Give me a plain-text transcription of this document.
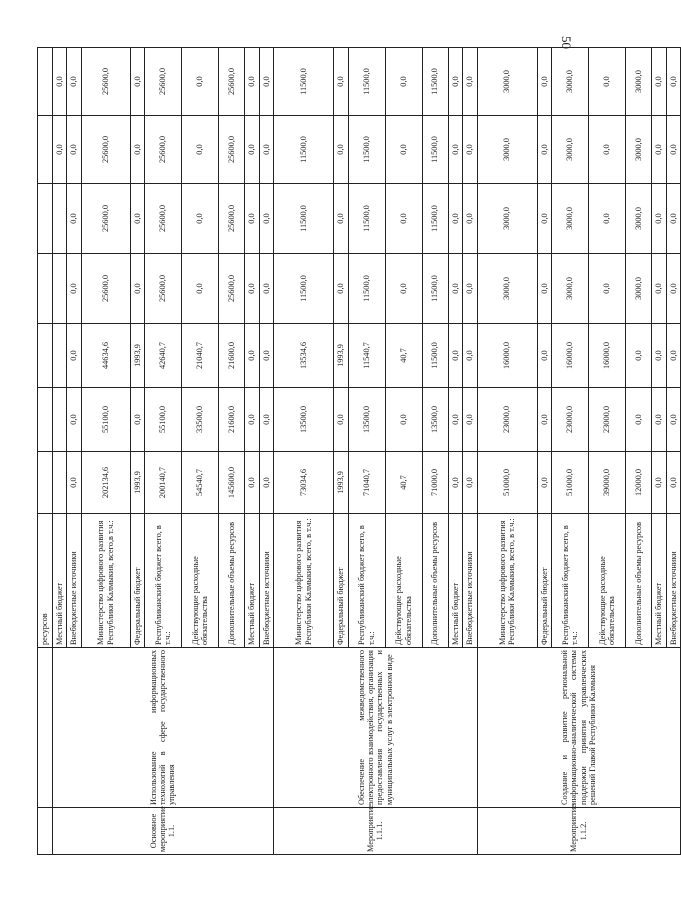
50
		ресурсов							
Основное мероприятие 1.1.	Использование информационных технологий в сфере государственного управления	Местный бюджет						0,0	0,0
		Внебюджетные источники	0,0	0,0	0,0	0,0	0,0	0,0	0,0
		Министерство цифрового развития Республики Калмыкия, всего,в т.ч.:	202134,6	55100,0	44634,6	25600,0	25600,0	25600,0	25600,0
		Федеральный бюджет	1993,9	0,0	1993,9	0,0	0,0	0,0	0,0
		Республиканский бюджет всего, в т.ч.:	200140,7	55100,0	42640,7	25600,0	25600,0	25600,0	25600,0
		Действующие расходные обязательства	54540,7	33500,0	21040,7	0,0	0,0	0,0	0,0
		Дополнительные объемы ресурсов	145600,0	21600,0	21600,0	25600,0	25600,0	25600,0	25600,0
		Местный бюджет	0,0	0,0	0,0	0,0	0,0	0,0	0,0
		Внебюджетные источники	0,0	0,0	0,0	0,0	0,0	0,0	0,0
Мероприятие 1.1.1.	Обеспечение межведомственного электронного взаимодействия, организация предоставления государственных и муниципальных услуг в электронном виде	Министерство цифрового развития Республики Калмыкия, всего, в т.ч.:	73034,6	13500,0	13534,6	11500,0	11500,0	11500,0	11500,0
		Федеральный бюджет	1993,9	0,0	1993,9	0,0	0,0	0,0	0,0
		Республиканский бюджет всего, в т.ч.:	71040,7	13500,0	11540,7	11500,0	11500,0	11500,0	11500,0
		Действующие расходные обязательства	40,7	0,0	40,7	0,0	0,0	0,0	0,0
		Дополнительные объемы ресурсов	71000,0	13500,0	11500,0	11500,0	11500,0	11500,0	11500,0
		Местный бюджет	0,0	0,0	0,0	0,0	0,0	0,0	0,0
		Внебюджетные источники	0,0	0,0	0,0	0,0	0,0	0,0	0,0
Мероприятие 1.1.2.	Создание и развитие региональной информационно-аналитической системы поддержки принятия управленческих решений Главой Республики Калмыкия	Министерство цифрового развития Республики Калмыкия, всего, в т.ч.:	51000,0	23000,0	16000,0	3000,0	3000,0	3000,0	3000,0
		Федеральный бюджет	0,0	0,0	0,0	0,0	0,0	0,0	0,0
		Республиканский бюджет всего, в т.ч.:	51000,0	23000,0	16000,0	3000,0	3000,0	3000,0	3000,0
		Действующие расходные обязательства	39000,0	23000,0	16000,0	0,0	0,0	0,0	0,0
		Дополнительные объемы ресурсов	12000,0	0,0	0,0	3000,0	3000,0	3000,0	3000,0
		Местный бюджет	0,0	0,0	0,0	0,0	0,0	0,0	0,0
		Внебюджетные источники	0,0	0,0	0,0	0,0	0,0	0,0	0,0
